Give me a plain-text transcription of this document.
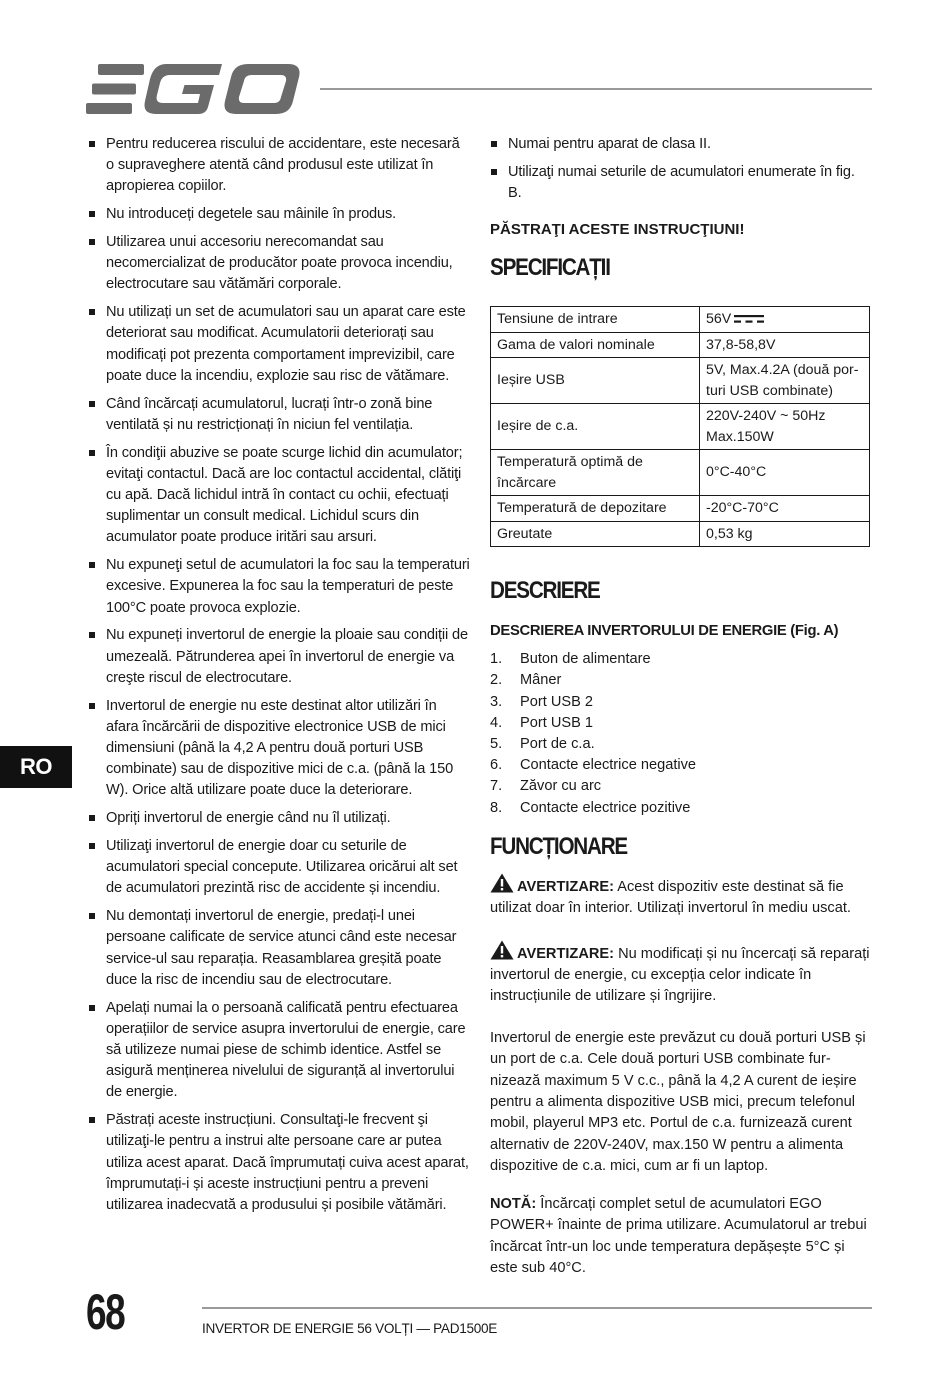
Pentru reducerea riscului de accidentare, este necesară o supraveghere atentă când produsul este utilizat în apropierea copiilor.
Nu introduceți degetele sau mâinile în produs.
Utilizarea unui accesoriu nerecomandat sau necomercializat de producător poate provoca incendiu, electrocutare sau vătămări corporale.
Nu utilizați un set de acumulatori sau un aparat care este deteriorat sau modificat. Acumulatorii deteriorați sau modificați pot prezenta comportament imprevizibil, care poate duce la incendiu, explozie sau risc de vătămare.
Când încărcați acumulatorul, lucrați într-o zonă bine ventilată și nu restricționați în niciun fel ventilația.
În condiţii abuzive se poate scurge lichid din acumulator; evitaţi contactul. Dacă are loc contactul accidental, clătiţi cu apă. Dacă lichidul intră în contact cu ochii, efectuați suplimentar un consult medical. Lichidul scurs din acumulator poate produce iritări sau arsuri.
Nu expuneţi setul de acumulatori la foc sau la temperaturi excesive. Expunerea la foc sau la temperaturi de peste 100°C poate provoca explozie.
Nu expuneți invertorul de energie la ploaie sau condiții de umezeală. Pătrunderea apei în invertorul de energie va creşte riscul de electrocutare.
Invertorul de energie nu este destinat altor utilizări în afara încărcării de dispozitive electronice USB de mici dimensiuni (până la 4,2 A pentru două porturi USB combinate) sau de dispozitive mici de c.a. (până la 150 W). Orice altă utilizare poate duce la deteriorare.
Opriți invertorul de energie când nu îl utilizați.
Utilizaţi invertorul de energie doar cu seturile de acumulatori special concepute. Utilizarea oricărui alt set de acumulatori prezintă risc de accidente și incendiu.
Nu demontați invertorul de energie, predați-l unei persoane calificate de service atunci când este necesar service-ul sau reparația. Reasamblarea greșită poate duce la risc de incendiu sau de electrocutare.
Apelați numai la o persoană calificată pentru efectuarea operațiilor de service asupra invertorului de energie, care să utilizeze numai piese de schimb identice. Astfel se asigură menținerea nivelului de siguranță al invertorului de energie.
Păstrați aceste instrucțiuni. Consultaţi-le frecvent şi utilizaţi-le pentru a instrui alte persoane care ar putea utiliza acest aparat. Dacă împrumutați cuiva acest aparat, împrumutați-i și aceste instrucțiuni pentru a preveni utilizarea inadecvată a produsului și posibile vătămări.
Numai pentru aparat de clasa II.
Utilizaţi numai seturile de acumulatori enumerate în fig. B.
PĂSTRAŢI ACESTE INSTRUCŢIUNI!
SPECIFICAȚII
Tensiune de intrare	56V
Gama de valori nominale	37,8-58,8V
Ieșire USB	5V, Max.4.2A (două por-turi USB combinate)
Ieșire de c.a.	220V-240V ~ 50Hz Max.150W
Temperatură optimă de încărcare	0°C-40°C
Temperatură de depozitare	-20°C-70°C
Greutate	0,53 kg
DESCRIERE
DESCRIEREA INVERTORULUI DE ENERGIE (Fig. A)
1.	Buton de alimentare
2.	Mâner
3.	Port USB 2
4.	Port USB 1
5.	Port de c.a.
6.	Contacte electrice negative
7.	Zăvor cu arc
8.	Contacte electrice pozitive
FUNCȚIONARE

AVERTIZARE: Acest dispozitiv este destinat să fie utilizat doar în interior. Utilizați invertorul în mediu uscat.

AVERTIZARE: Nu modificați și nu încercați să reparați invertorul de energie, cu excepția celor indicate în instrucțiunile de utilizare și îngrijire.

Invertorul de energie este prevăzut cu două porturi USB și un port de c.a. Cele două porturi USB combinate fur-nizează maximum 5 V c.c., până la 4,2 A curent de ieșire pentru a alimenta dispozitive USB mici, precum telefonul mobil, playerul MP3 etc. Portul de c.a. furnizează curent alternativ de 220V-240V, max.150 W pentru a alimenta dispozitive de c.a. mici, cum ar fi un laptop.

NOTĂ: Încărcați complet setul de acumulatori EGO POWER+ înainte de prima utilizare. Acumulatorul ar trebui încărcat într-un loc unde temperatura depășește 5°C și este sub 40°C.

RO
68	INVERTOR DE ENERGIE 56 VOLȚI — PAD1500E
